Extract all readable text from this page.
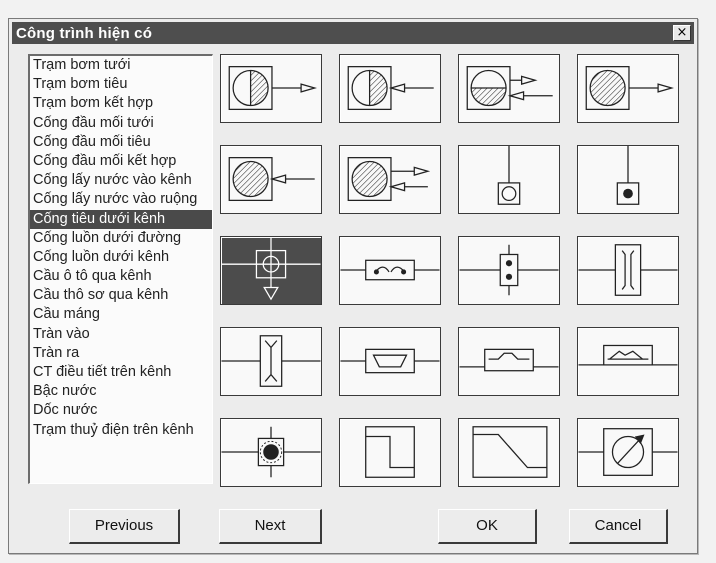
Công trình hiện có	×
Trạm bơm tưới
Trạm bơm tiêu
Trạm bơm kết hợp
Cống đầu mối tưới
Cống đầu mối tiêu
Cống đầu mối kết hợp
Cống lấy nước vào kênh
Cống lấy nước vào ruộng
Cống tiêu dưới kênh
Cống luồn dưới đường
Cống luồn dưới kênh
Cầu ô tô qua kênh
Cầu thô sơ qua kênh
Cầu máng
Tràn vào
Tràn ra
CT điều tiết trên kênh
Bậc nước
Dốc nước
Trạm thuỷ điện trên kênh
Previous	Next	OK	Cancel
